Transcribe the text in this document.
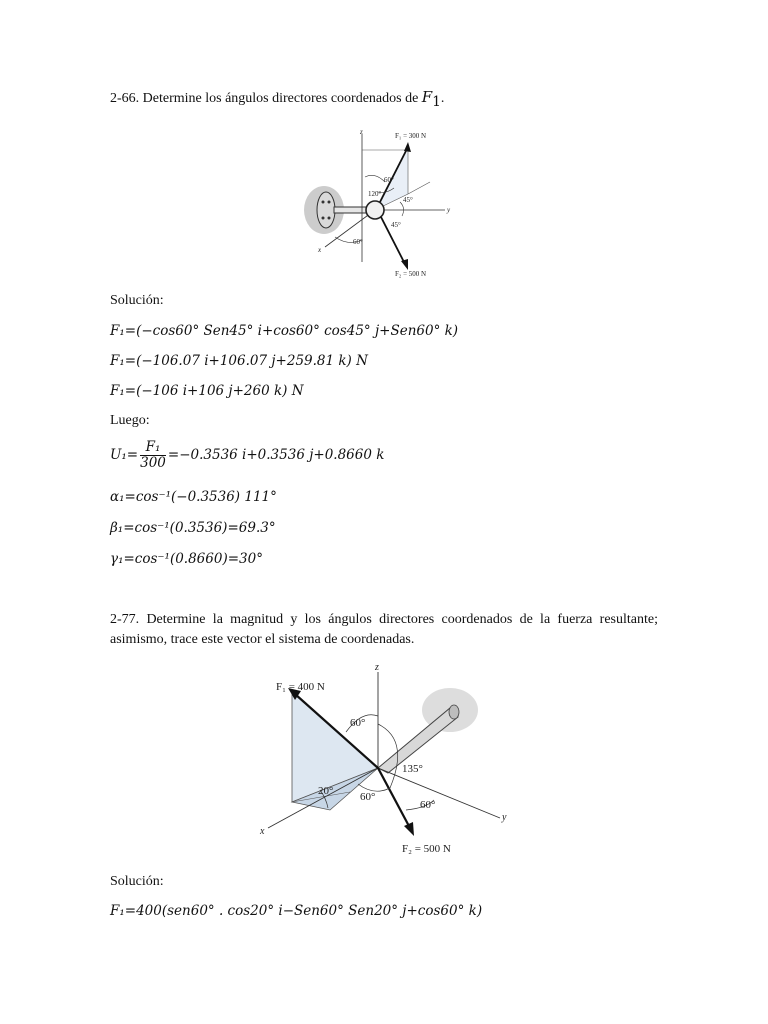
2-66. Determine los ángulos directores coordenados de $F_1$.
z
y
x
F₁ = 300 N
F₂ = 500 N
60°
120°
45°
45°
60°
Solución:
F₁=(−cos60° Sen45° i+cos60° cos45° j+Sen60° k)
F₁=(−106.07 i+106.07 j+259.81 k) N
F₁=(−106 i+106 j+260 k) N
Luego:
$U_1= \frac{\text{F₁}}{300} =-0.3536$ i+0.3536 j+0.8660 k
α₁=cos⁻¹(−0.3536) 111°
β₁=cos⁻¹(0.3536)=69.3°
γ₁=cos⁻¹(0.8660)=30°
2-77. Determine la magnitud y los ángulos directores coordenados de la fuerza resultante; asimismo, trace este vector el sistema de coordenadas.
z
y
x
F₁ = 400 N
F₂ = 500 N
60°
135°
20° 60°
60°
Solución:
F₁=400(sen60° . cos20° i−Sen60° Sen20° j+cos60° k)
